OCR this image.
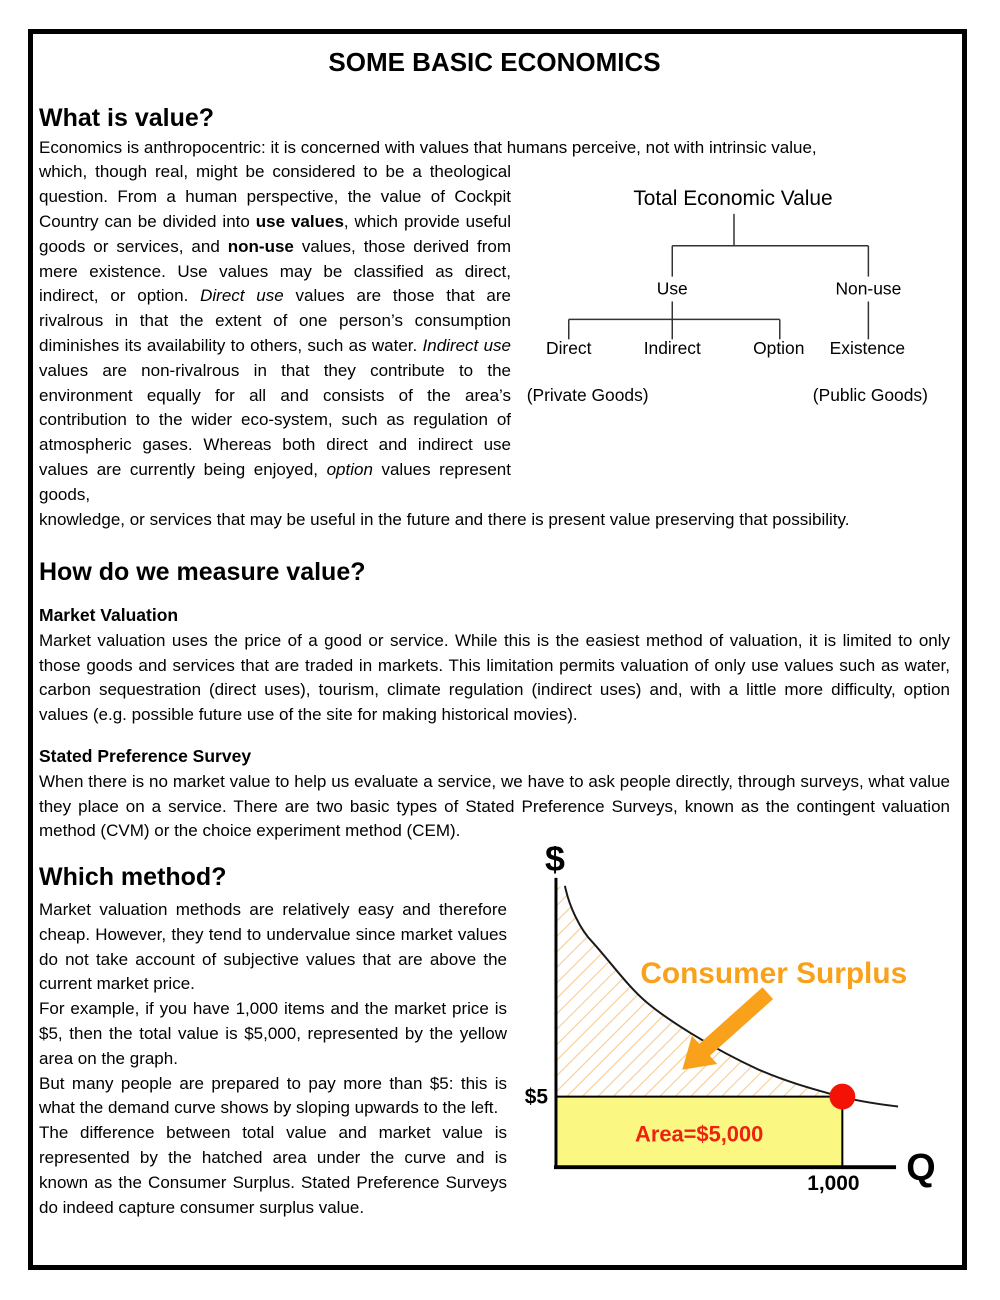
SOME BASIC ECONOMICS
What is value?

Economics is anthropocentric: it is concerned with values that humans perceive, not with intrinsic value,

which, though real, might be considered to be a theological question. From a human perspective, the value of Cockpit Country can be divided into use values, which provide useful goods or services, and non-use values, those derived from mere existence. Use values may be classified as direct, indirect, or option. Direct use values are those that are rivalrous in that the extent of one person’s consumption diminishes its availability to others, such as water. Indirect use values are non-rivalrous in that they contribute to the environment equally for all and consists of the area’s contribution to the wider eco-system, such as regulation of atmospheric gases. Whereas both direct and indirect use values are currently being enjoyed, option values represent goods,
Total Economic Value
Use	Non-use
Direct	Indirect	Option Existence
(Private Goods)	(Public Goods)

knowledge, or services that may be useful in the future and there is present value preserving that possibility.

How do we measure value?
Market Valuation

Market valuation uses the price of a good or service. While this is the easiest method of valuation, it is limited to only those goods and services that are traded in markets. This limitation permits valuation of only use values such as water, carbon sequestration (direct uses), tourism, climate regulation (indirect uses) and, with a little more difficulty, option values (e.g. possible future use of the site for making historical movies).

Stated Preference Survey

When there is no market value to help us evaluate a service, we have to ask people directly, through surveys, what value they place on a service. There are two basic types of Stated Preference Surveys, known as the contingent valuation method (CVM) or the choice experiment method (CEM).

Which method?

Market valuation methods are relatively easy and therefore cheap. However, they tend to undervalue since market values do not take account of subjective values that are above the current market price.

For example, if you have 1,000 items and the market price is $5, then the total value is $5,000, represented by the yellow area on the graph.

But many people are prepared to pay more than $5: this is what the demand curve shows by sloping upwards to the left.

The difference between total value and market value is represented by the hatched area under the curve and is known as the Consumer Surplus. Stated Preference Surveys do indeed capture consumer surplus value.

$
Q
$5
1,000
Area=$5,000
Consumer Surplus
